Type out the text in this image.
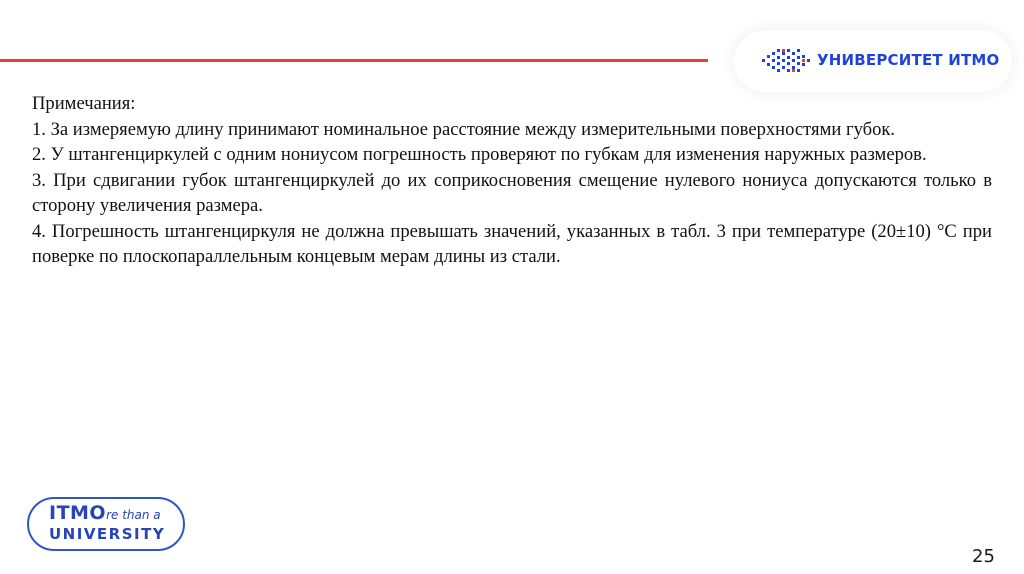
УНИВЕРСИТЕТ ИТМО

Примечания:

1. За измеряемую длину принимают номинальное расстояние между измерительными поверхностями губок.

2. У штангенциркулей с одним нониусом погрешность проверяют по губкам для изменения наружных размеров.

3. При сдвигании губок штангенциркулей до их соприкосновения смещение нулевого нониуса допускаются только в сторону увеличения размера.

4. Погрешность штангенциркуля не должна превышать значений, указанных в табл. 3 при температуре (20±10) °С при поверке по плоскопараллельным концевым мерам длины из стали.

ITMOre than a
UNIVERSITY
25
